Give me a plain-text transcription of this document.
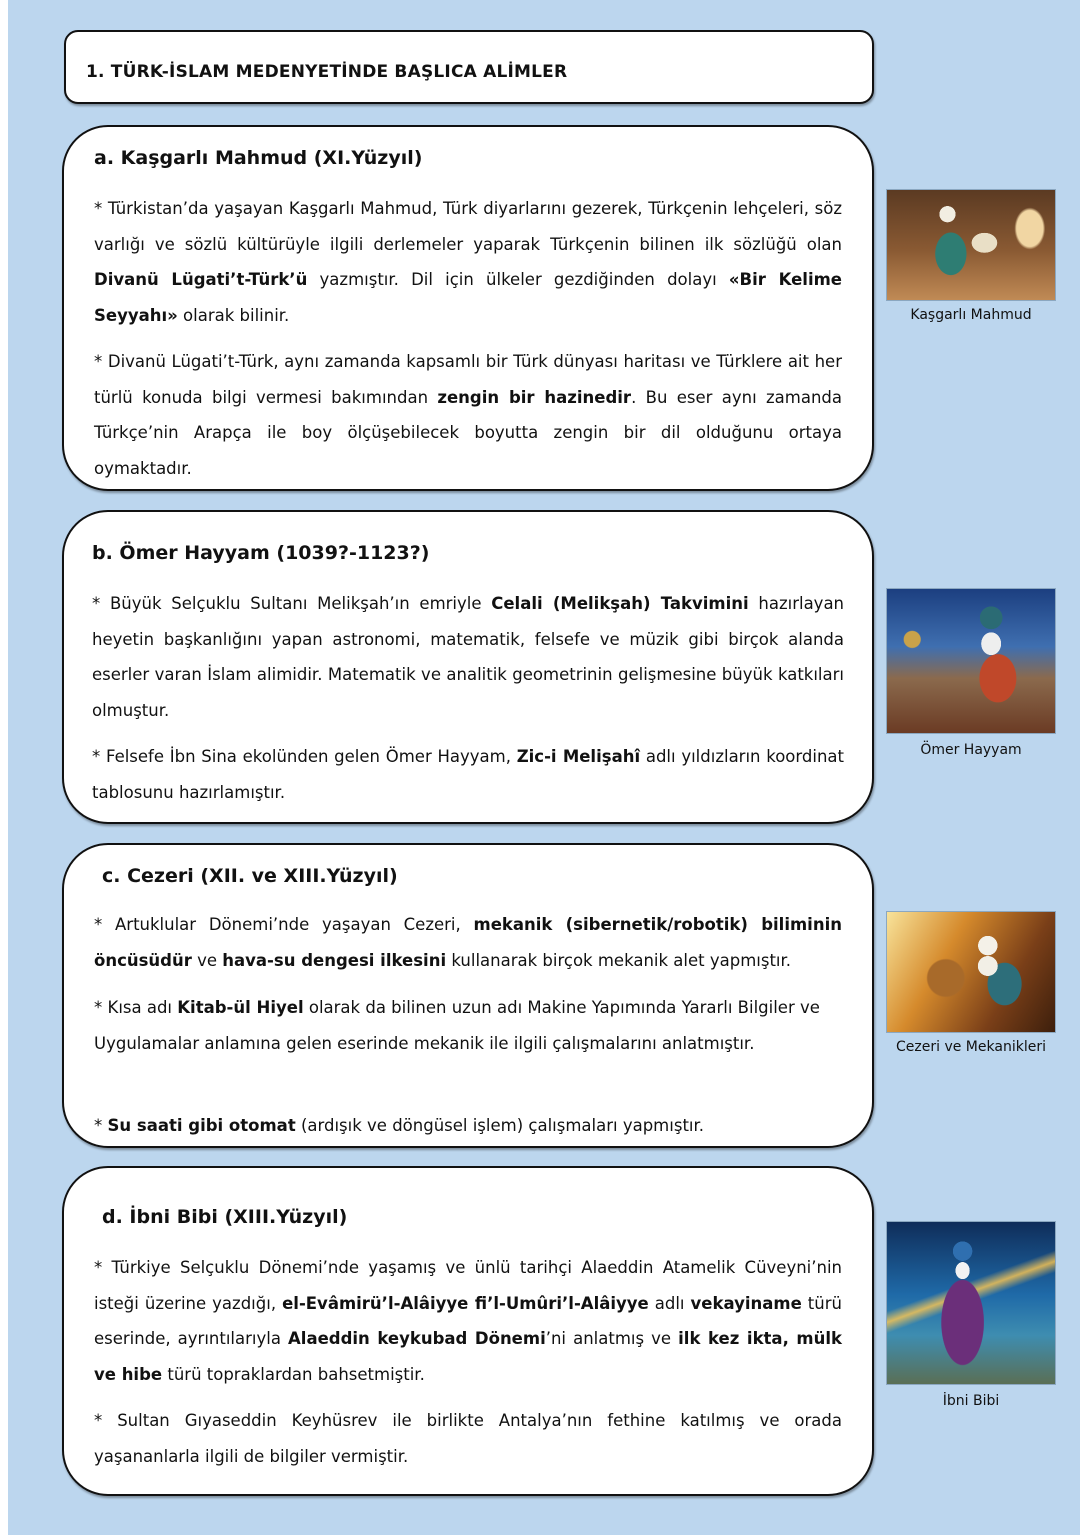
1. TÜRK-İSLAM MEDENYETİNDE BAŞLICA ALİMLER
a. Kaşgarlı Mahmud (XI.Yüzyıl)

* Türkistan’da yaşayan Kaşgarlı Mahmud, Türk diyarlarını gezerek, Türkçenin lehçeleri, söz varlığı ve sözlü kültürüyle ilgili derlemeler yaparak Türkçenin bilinen ilk sözlüğü olan Divanü Lügati’t-Türk’ü yazmıştır. Dil için ülkeler gezdiğinden dolayı «Bir Kelime Seyyahı» olarak bilinir.

* Divanü Lügati’t-Türk, aynı zamanda kapsamlı bir Türk dünyası haritası ve Türklere ait her türlü konuda bilgi vermesi bakımından zengin bir hazinedir. Bu eser aynı zamanda Türkçe’nin Arapça ile boy ölçüşebilecek boyutta zengin bir dil olduğunu ortaya oymaktadır.

Kaşgarlı Mahmud
b. Ömer Hayyam (1039?-1123?)

* Büyük Selçuklu Sultanı Melikşah’ın emriyle Celali (Melikşah) Takvimini hazırlayan heyetin başkanlığını yapan astronomi, matematik, felsefe ve müzik gibi birçok alanda eserler varan İslam alimidir. Matematik ve analitik geometrinin gelişmesine büyük katkıları olmuştur.

* Felsefe İbn Sina ekolünden gelen Ömer Hayyam, Zic-i Melişahî adlı yıldızların koordinat tablosunu hazırlamıştır.

Ömer Hayyam
c. Cezeri (XII. ve XIII.Yüzyıl)

* Artuklular Dönemi’nde yaşayan Cezeri, mekanik (sibernetik/robotik) biliminin öncüsüdür ve hava-su dengesi ilkesini kullanarak birçok mekanik alet yapmıştır.

* Kısa adı Kitab-ül Hiyel olarak da bilinen uzun adı Makine Yapımında Yararlı Bilgiler ve Uygulamalar anlamına gelen eserinde mekanik ile ilgili çalışmalarını anlatmıştır.

* Su saati gibi otomat (ardışık ve döngüsel işlem) çalışmaları yapmıştır.

Cezeri ve Mekanikleri
d. İbni Bibi (XIII.Yüzyıl)

* Türkiye Selçuklu Dönemi’nde yaşamış ve ünlü tarihçi Alaeddin Atamelik Cüveyni’nin isteği üzerine yazdığı, el-Evâmirü’l-Alâiyye fi’l-Umûri’l-Alâiyye adlı vekayiname türü eserinde, ayrıntılarıyla Alaeddin keykubad Dönemi’ni anlatmış ve ilk kez ikta, mülk ve hibe türü topraklardan bahsetmiştir.

* Sultan Gıyaseddin Keyhüsrev ile birlikte Antalya’nın fethine katılmış ve orada yaşananlarla ilgili de bilgiler vermiştir.

İbni Bibi
